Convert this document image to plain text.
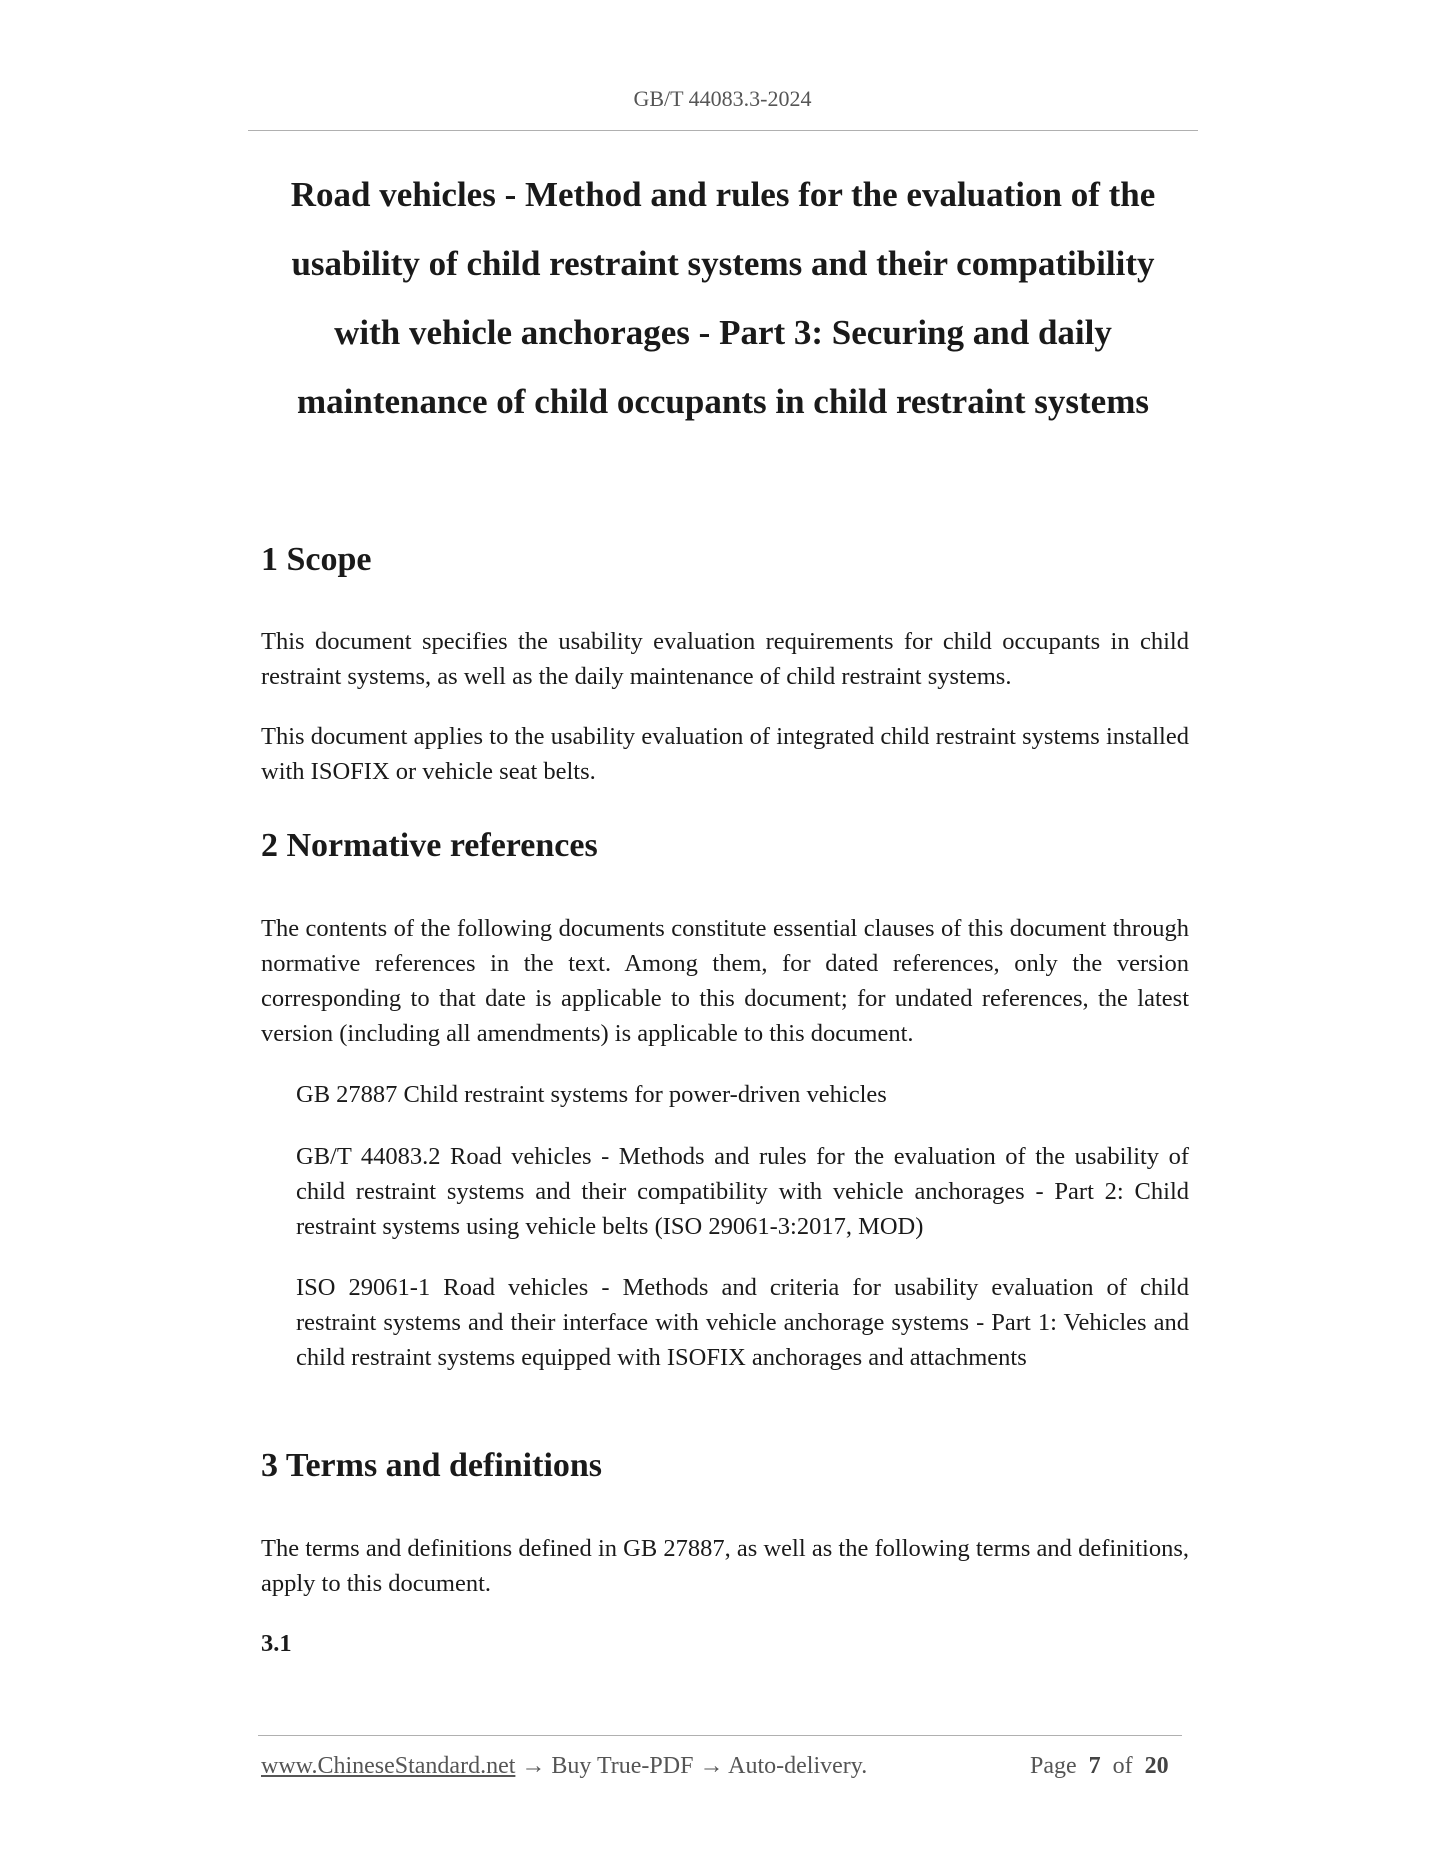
GB/T 44083.3-2024
Road vehicles - Method and rules for the evaluation of the
usability of child restraint systems and their compatibility
with vehicle anchorages - Part 3: Securing and daily
maintenance of child occupants in child restraint systems
1 Scope

This document specifies the usability evaluation requirements for child occupants in child restraint systems, as well as the daily maintenance of child restraint systems.

This document applies to the usability evaluation of integrated child restraint systems installed with ISOFIX or vehicle seat belts.

2 Normative references

The contents of the following documents constitute essential clauses of this document through normative references in the text. Among them, for dated references, only the version corresponding to that date is applicable to this document; for undated references, the latest version (including all amendments) is applicable to this document.

GB 27887 Child restraint systems for power-driven vehicles

GB/T 44083.2 Road vehicles - Methods and rules for the evaluation of the usability of child restraint systems and their compatibility with vehicle anchorages - Part 2: Child restraint systems using vehicle belts (ISO 29061-3:2017, MOD)

ISO 29061-1 Road vehicles - Methods and criteria for usability evaluation of child restraint systems and their interface with vehicle anchorage systems - Part 1: Vehicles and child restraint systems equipped with ISOFIX anchorages and attachments

3 Terms and definitions

The terms and definitions defined in GB 27887, as well as the following terms and definitions, apply to this document.

3.1

www.ChineseStandard.net → Buy True-PDF → Auto-delivery.	Page 7 of 20
